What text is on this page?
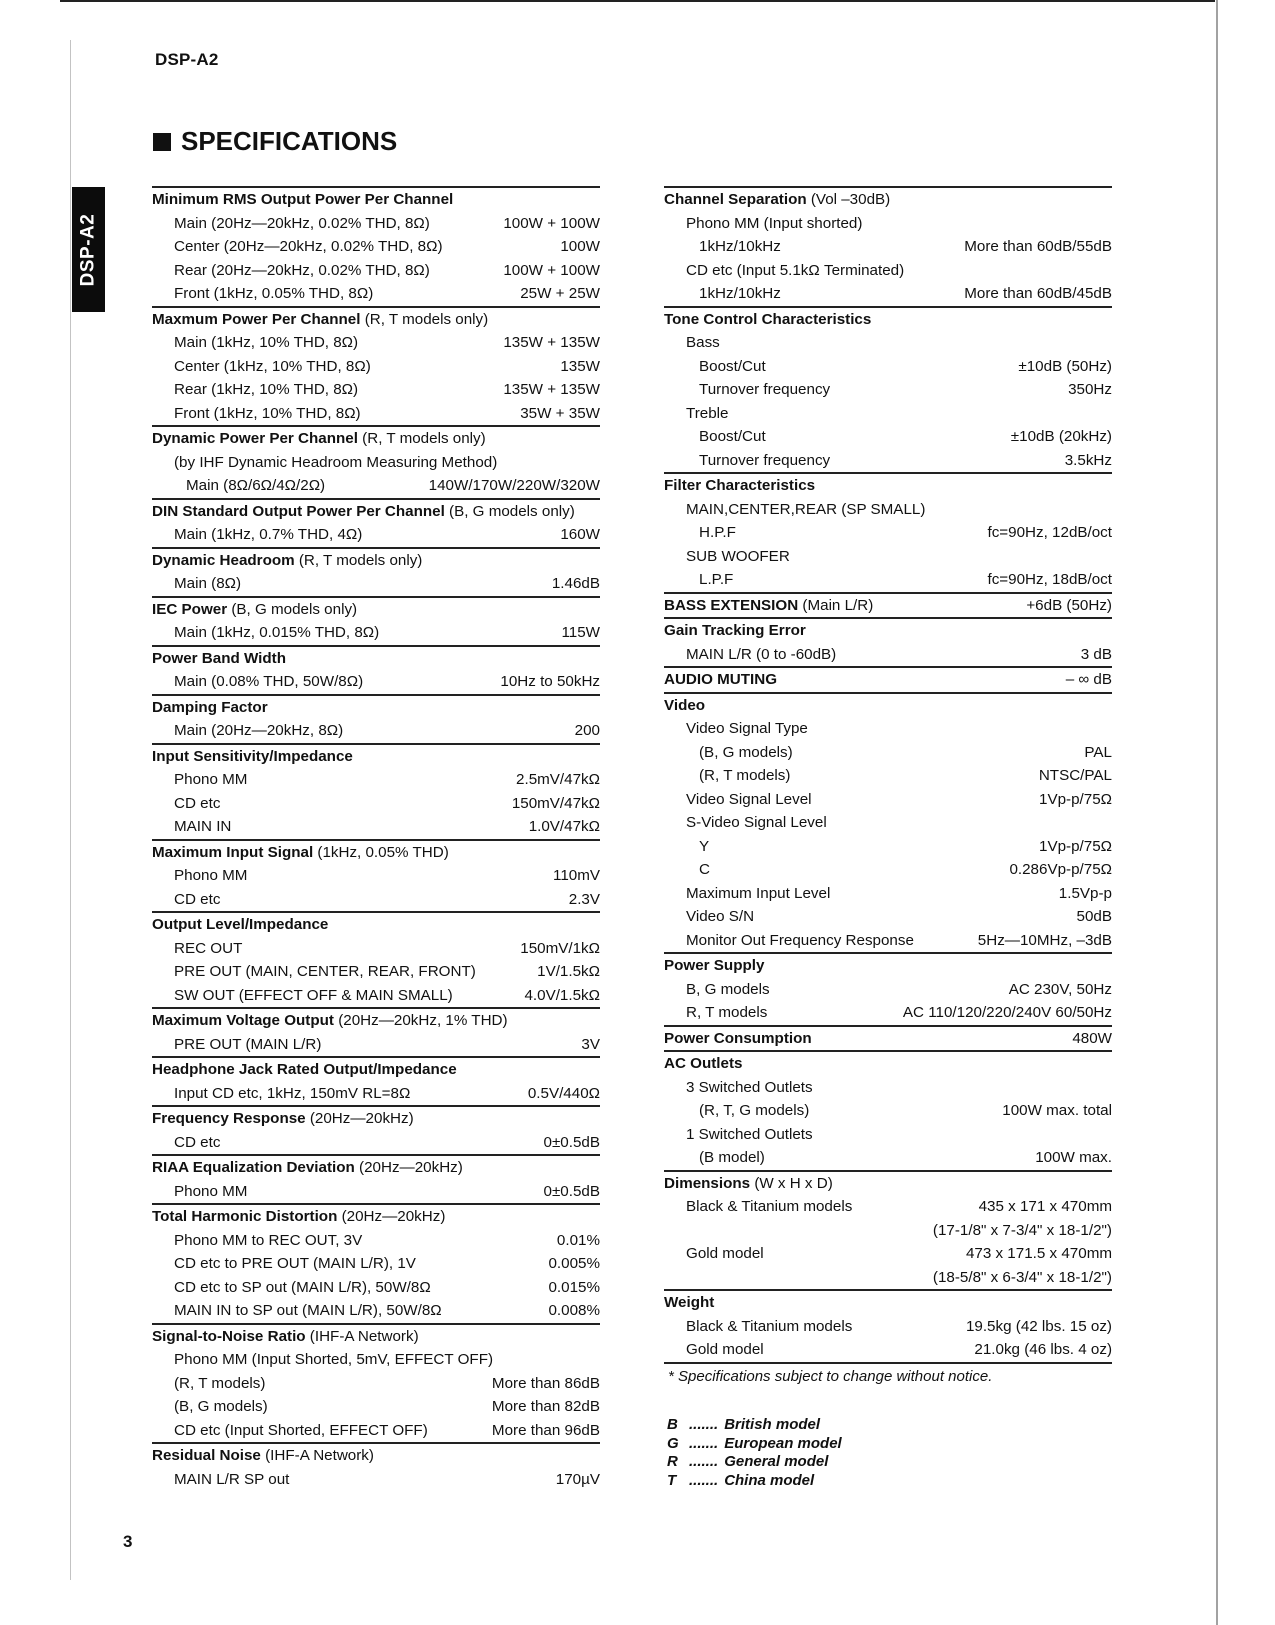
DSP-A2
SPECIFICATIONS
DSP-A2
Minimum RMS Output Power Per Channel
Main (20Hz—20kHz, 0.02% THD, 8Ω)	100W + 100W
Center (20Hz—20kHz, 0.02% THD, 8Ω)	100W
Rear (20Hz—20kHz, 0.02% THD, 8Ω)	100W + 100W
Front (1kHz, 0.05% THD, 8Ω)	25W + 25W
Maxmum Power Per Channel (R, T models only)
Main (1kHz, 10% THD, 8Ω)	135W + 135W
Center (1kHz, 10% THD, 8Ω)	135W
Rear (1kHz, 10% THD, 8Ω)	135W + 135W
Front (1kHz, 10% THD, 8Ω)	35W + 35W
Dynamic Power Per Channel (R, T models only)
(by IHF Dynamic Headroom Measuring Method)
Main (8Ω/6Ω/4Ω/2Ω)	140W/170W/220W/320W
DIN Standard Output Power Per Channel (B, G models only)
Main (1kHz, 0.7% THD, 4Ω)	160W
Dynamic Headroom (R, T models only)
Main (8Ω)	1.46dB
IEC Power (B, G models only)
Main (1kHz, 0.015% THD, 8Ω)	115W
Power Band Width
Main (0.08% THD, 50W/8Ω)	10Hz to 50kHz
Damping Factor
Main (20Hz—20kHz, 8Ω)	200
Input Sensitivity/Impedance
Phono MM	2.5mV/47kΩ
CD etc	150mV/47kΩ
MAIN IN	1.0V/47kΩ
Maximum Input Signal (1kHz, 0.05% THD)
Phono MM	110mV
CD etc	2.3V
Output Level/Impedance
REC OUT	150mV/1kΩ
PRE OUT (MAIN, CENTER, REAR, FRONT)	1V/1.5kΩ
SW OUT (EFFECT OFF & MAIN SMALL)	4.0V/1.5kΩ
Maximum Voltage Output (20Hz—20kHz, 1% THD)
PRE OUT (MAIN L/R)	3V
Headphone Jack Rated Output/Impedance
Input CD etc, 1kHz, 150mV RL=8Ω	0.5V/440Ω
Frequency Response (20Hz—20kHz)
CD etc	0±0.5dB
RIAA Equalization Deviation (20Hz—20kHz)
Phono MM	0±0.5dB
Total Harmonic Distortion (20Hz—20kHz)
Phono MM to REC OUT, 3V	0.01%
CD etc to PRE OUT (MAIN L/R), 1V	0.005%
CD etc to SP out (MAIN L/R), 50W/8Ω	0.015%
MAIN IN to SP out (MAIN L/R), 50W/8Ω	0.008%
Signal-to-Noise Ratio (IHF-A Network)
Phono MM (Input Shorted, 5mV, EFFECT OFF)
(R, T models)	More than 86dB
(B, G models)	More than 82dB
CD etc (Input Shorted, EFFECT OFF)	More than 96dB
Residual Noise (IHF-A Network)
MAIN L/R SP out	170µV
Channel Separation (Vol –30dB)
Phono MM (Input shorted)
1kHz/10kHz	More than 60dB/55dB
CD etc (Input 5.1kΩ Terminated)
1kHz/10kHz	More than 60dB/45dB
Tone Control Characteristics
Bass
Boost/Cut	±10dB (50Hz)
Turnover frequency	350Hz
Treble
Boost/Cut	±10dB (20kHz)
Turnover frequency	3.5kHz
Filter Characteristics
MAIN,CENTER,REAR (SP SMALL)
H.P.F	fc=90Hz, 12dB/oct
SUB WOOFER
L.P.F	fc=90Hz, 18dB/oct
BASS EXTENSION (Main L/R)	+6dB (50Hz)
Gain Tracking Error
MAIN L/R (0 to -60dB)	3 dB
AUDIO MUTING	– ∞ dB
Video
Video Signal Type
(B, G models)	PAL
(R, T models)	NTSC/PAL
Video Signal Level	1Vp-p/75Ω
S-Video Signal Level
Y	1Vp-p/75Ω
C	0.286Vp-p/75Ω
Maximum Input Level	1.5Vp-p
Video S/N	50dB
Monitor Out Frequency Response	5Hz—10MHz, –3dB
Power Supply
B, G models	AC 230V, 50Hz
R, T models	AC 110/120/220/240V 60/50Hz
Power Consumption	480W
AC Outlets
3 Switched Outlets
(R, T, G models)	100W max. total
1 Switched Outlets
(B model)	100W max.
Dimensions (W x H x D)
Black & Titanium models	435 x 171 x 470mm
(17-1/8" x 7-3/4" x 18-1/2")
Gold model	473 x 171.5 x 470mm
(18-5/8" x 6-3/4" x 18-1/2")
Weight
Black & Titanium models	19.5kg (42 lbs. 15 oz)
Gold model	21.0kg (46 lbs. 4 oz)
* Specifications subject to change without notice.
B ....... British model
G ....... European model
R ....... General model
T ....... China model
3
